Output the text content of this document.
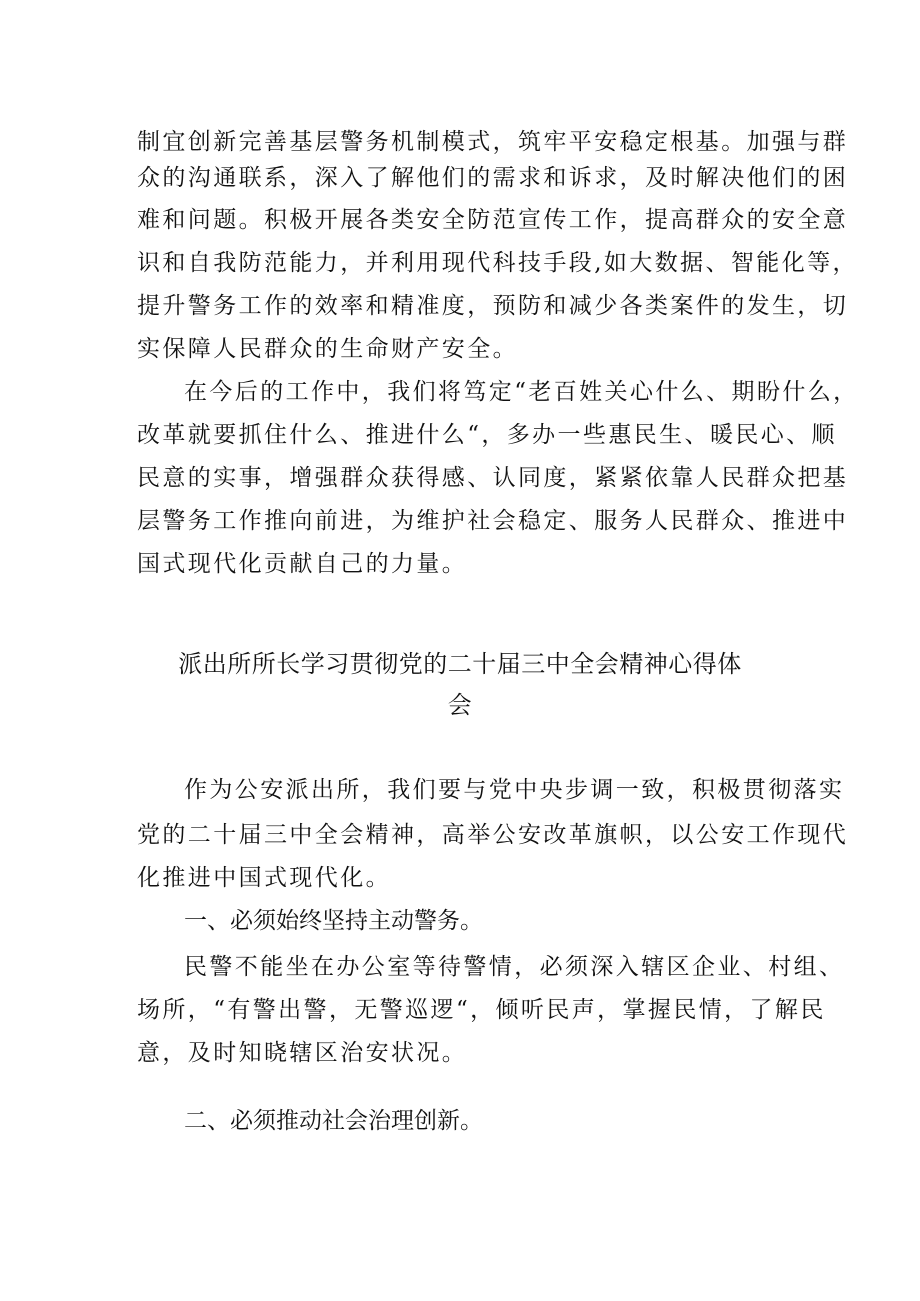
制宜创新完善基层警务机制模式，筑牢平安稳定根基。加强与群
众的沟通联系，深入了解他们的需求和诉求，及时解决他们的困
难和问题。积极开展各类安全防范宣传工作，提高群众的安全意
识和自我防范能力，并利用现代科技手段,如大数据、智能化等，
提升警务工作的效率和精准度，预防和减少各类案件的发生，切
实保障人民群众的生命财产安全。
在今后的工作中，我们将笃定“老百姓关心什么、期盼什么，
改革就要抓住什么、推进什么“，多办一些惠民生、暖民心、顺
民意的实事，增强群众获得感、认同度，紧紧依靠人民群众把基
层警务工作推向前进，为维护社会稳定、服务人民群众、推进中
国式现代化贡献自己的力量。
派出所所长学习贯彻党的二十届三中全会精神心得体
会
作为公安派出所，我们要与党中央步调一致，积极贯彻落实
党的二十届三中全会精神，高举公安改革旗帜，以公安工作现代
化推进中国式现代化。
一、必须始终坚持主动警务。
民警不能坐在办公室等待警情，必须深入辖区企业、村组、
场所，“有警出警，无警巡逻“，倾听民声，掌握民情，了解民
意，及时知晓辖区治安状况。
二、必须推动社会治理创新。
